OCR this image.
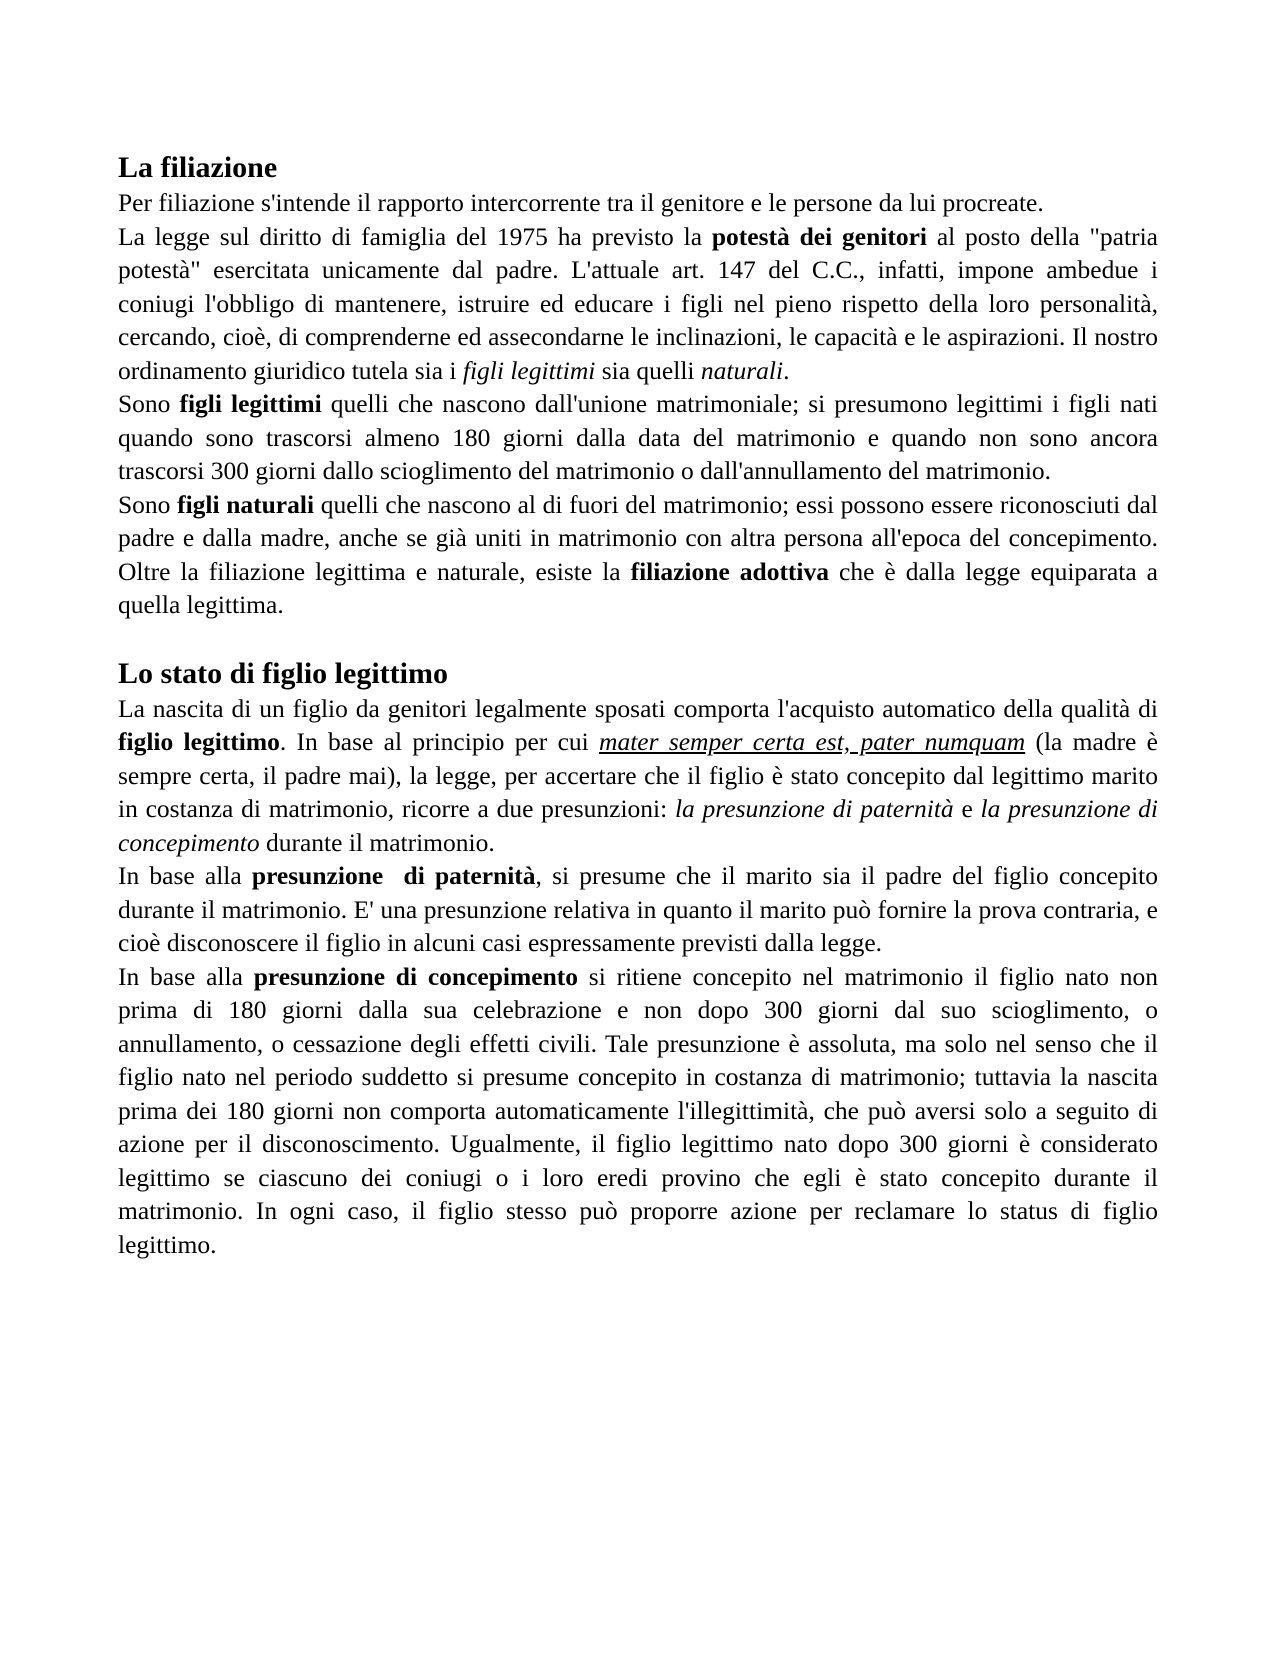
La filiazione

Per filiazione s'intende il rapporto intercorrente tra il genitore e le persone da lui procreate.

La legge sul diritto di famiglia del 1975 ha previsto la potestà dei genitori al posto della "patria potestà" esercitata unicamente dal padre. L'attuale art. 147 del C.C., infatti, impone ambedue i coniugi l'obbligo di mantenere, istruire ed educare i figli nel pieno rispetto della loro personalità, cercando, cioè, di comprenderne ed assecondarne le inclinazioni, le capacità e le aspirazioni. Il nostro ordinamento giuridico tutela sia i figli legittimi sia quelli naturali.

Sono figli legittimi quelli che nascono dall'unione matrimoniale; si presumono legittimi i figli nati quando sono trascorsi almeno 180 giorni dalla data del matrimonio e quando non sono ancora trascorsi 300 giorni dallo scioglimento del matrimonio o dall'annullamento del matrimonio.

Sono figli naturali quelli che nascono al di fuori del matrimonio; essi possono essere riconosciuti dal padre e dalla madre, anche se già uniti in matrimonio con altra persona all'epoca del concepimento. Oltre la filiazione legittima e naturale, esiste la filiazione adottiva che è dalla legge equiparata a quella legittima.

Lo stato di figlio legittimo

La nascita di un figlio da genitori legalmente sposati comporta l'acquisto automatico della qualità di figlio legittimo. In base al principio per cui mater semper certa est, pater numquam (la madre è sempre certa, il padre mai), la legge, per accertare che il figlio è stato concepito dal legittimo marito in costanza di matrimonio, ricorre a due presunzioni: la presunzione di paternità e la presunzione di concepimento durante il matrimonio.

In base alla presunzione  di paternità, si presume che il marito sia il padre del figlio concepito durante il matrimonio. E' una presunzione relativa in quanto il marito può fornire la prova contraria, e cioè disconoscere il figlio in alcuni casi espressamente previsti dalla legge.

In base alla presunzione di concepimento si ritiene concepito nel matrimonio il figlio nato non prima di 180 giorni dalla sua celebrazione e non dopo 300 giorni dal suo scioglimento, o annullamento, o cessazione degli effetti civili. Tale presunzione è assoluta, ma solo nel senso che il figlio nato nel periodo suddetto si presume concepito in costanza di matrimonio; tuttavia la nascita prima dei 180 giorni non comporta automaticamente l'illegittimità, che può aversi solo a seguito di azione per il disconoscimento. Ugualmente, il figlio legittimo nato dopo 300 giorni è considerato legittimo se ciascuno dei coniugi o i loro eredi provino che egli è stato concepito durante il matrimonio. In ogni caso, il figlio stesso può proporre azione per reclamare lo status di figlio legittimo.
